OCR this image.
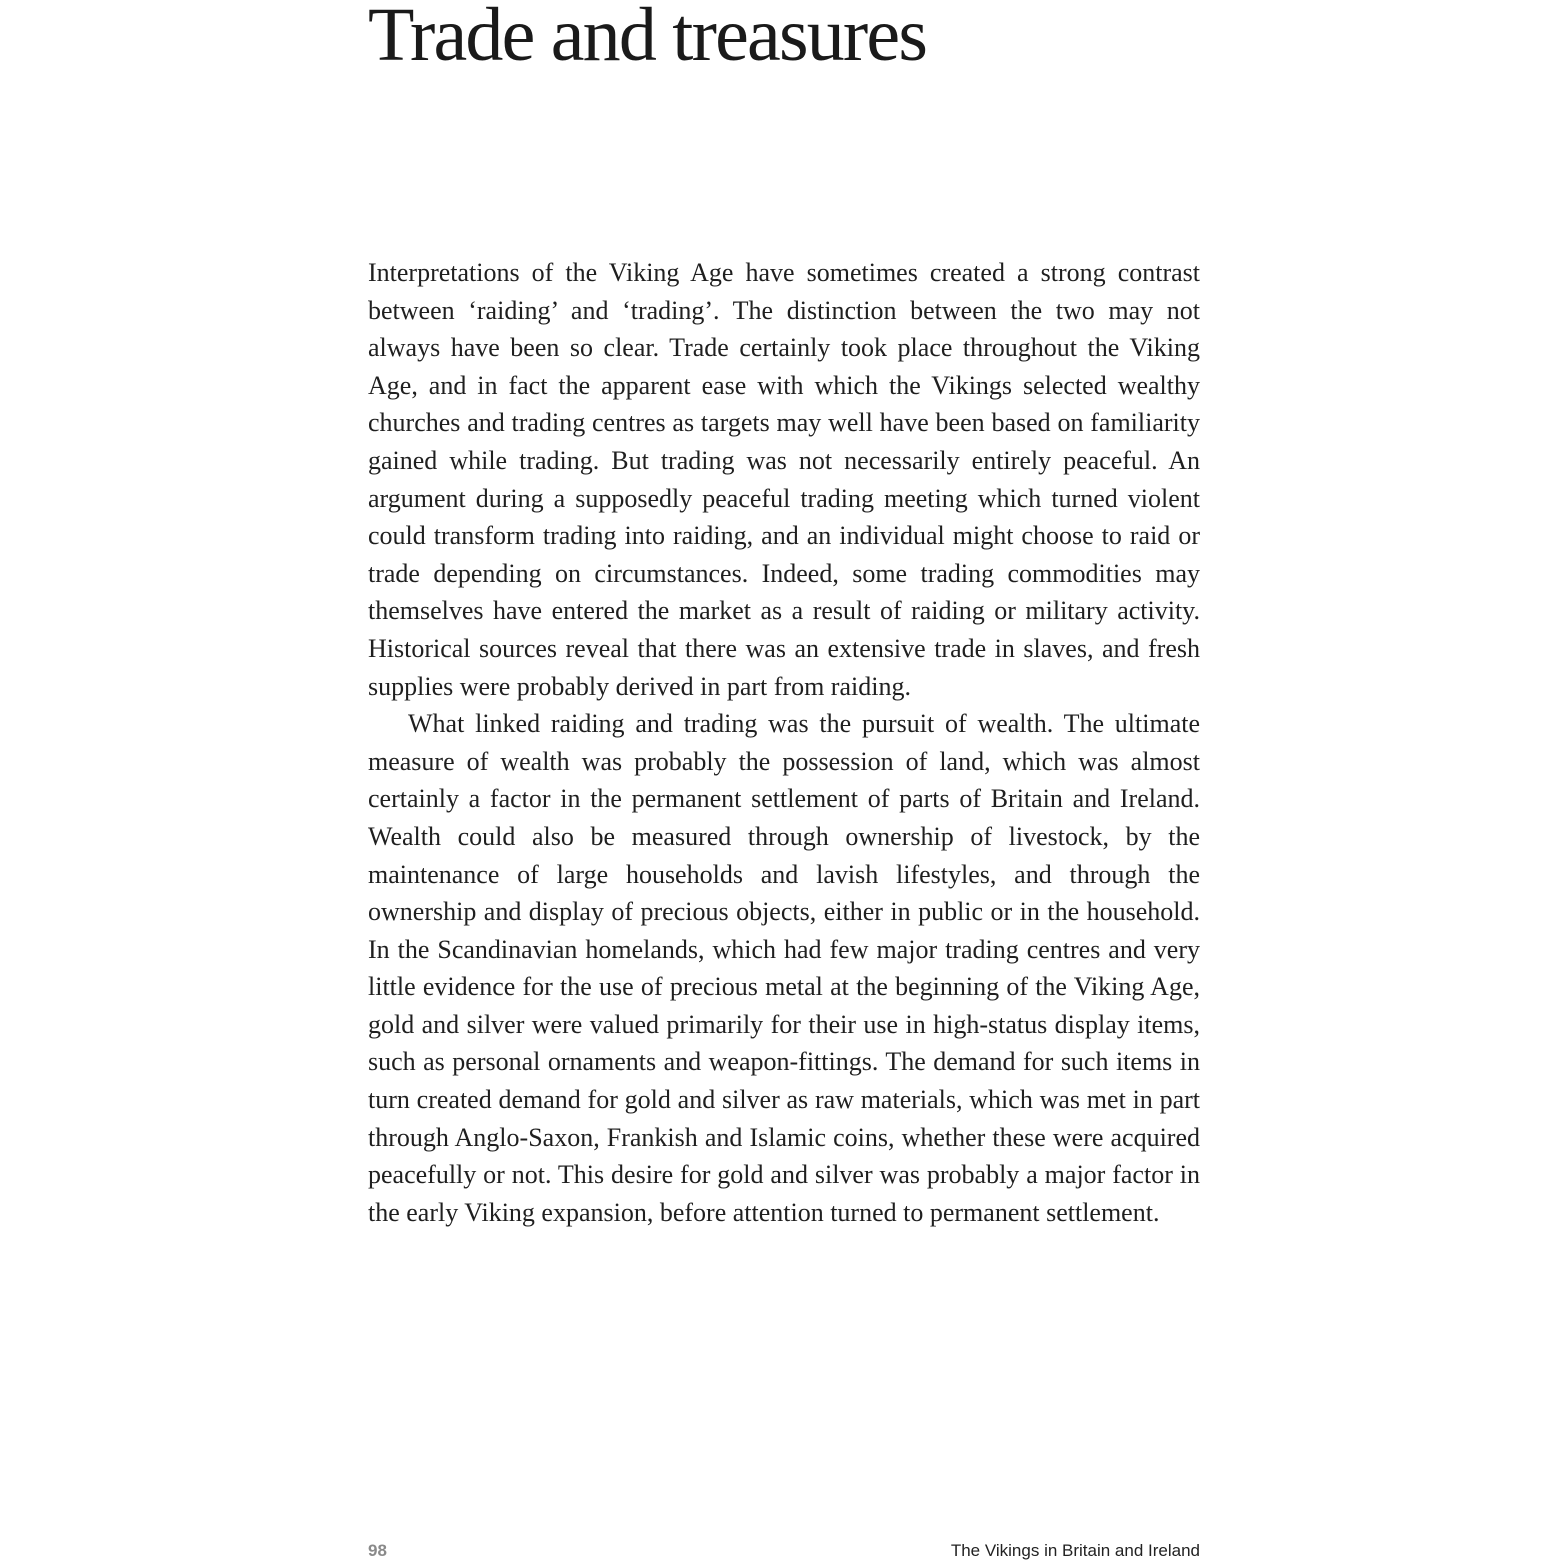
Trade and treasures

Interpretations of the Viking Age have sometimes created a strong contrast between ‘raiding’ and ‘trading’. The distinction between the two may not always have been so clear. Trade certainly took place throughout the Viking Age, and in fact the apparent ease with which the Vikings selected wealthy churches and trading centres as targets may well have been based on familiarity gained while trading. But trading was not necessarily entirely peaceful. An argument during a supposedly peaceful trading meeting which turned violent could transform trading into raiding, and an individual might choose to raid or trade depending on circumstances. Indeed, some trading commodities may themselves have entered the market as a result of raiding or military activity. Historical sources reveal that there was an extensive trade in slaves, and fresh supplies were probably derived in part from raiding.

What linked raiding and trading was the pursuit of wealth. The ultimate measure of wealth was probably the possession of land, which was almost certainly a factor in the permanent settlement of parts of Britain and Ireland. Wealth could also be measured through ownership of livestock, by the maintenance of large households and lavish lifestyles, and through the ownership and display of precious objects, either in public or in the household. In the Scandinavian homelands, which had few major trading centres and very little evidence for the use of precious metal at the beginning of the Viking Age, gold and silver were valued primarily for their use in high-status display items, such as personal ornaments and weapon-fittings. The demand for such items in turn created demand for gold and silver as raw materials, which was met in part through Anglo-Saxon, Frankish and Islamic coins, whether these were acquired peacefully or not. This desire for gold and silver was probably a major factor in the early Viking expansion, before attention turned to permanent settlement.

98	The Vikings in Britain and Ireland
